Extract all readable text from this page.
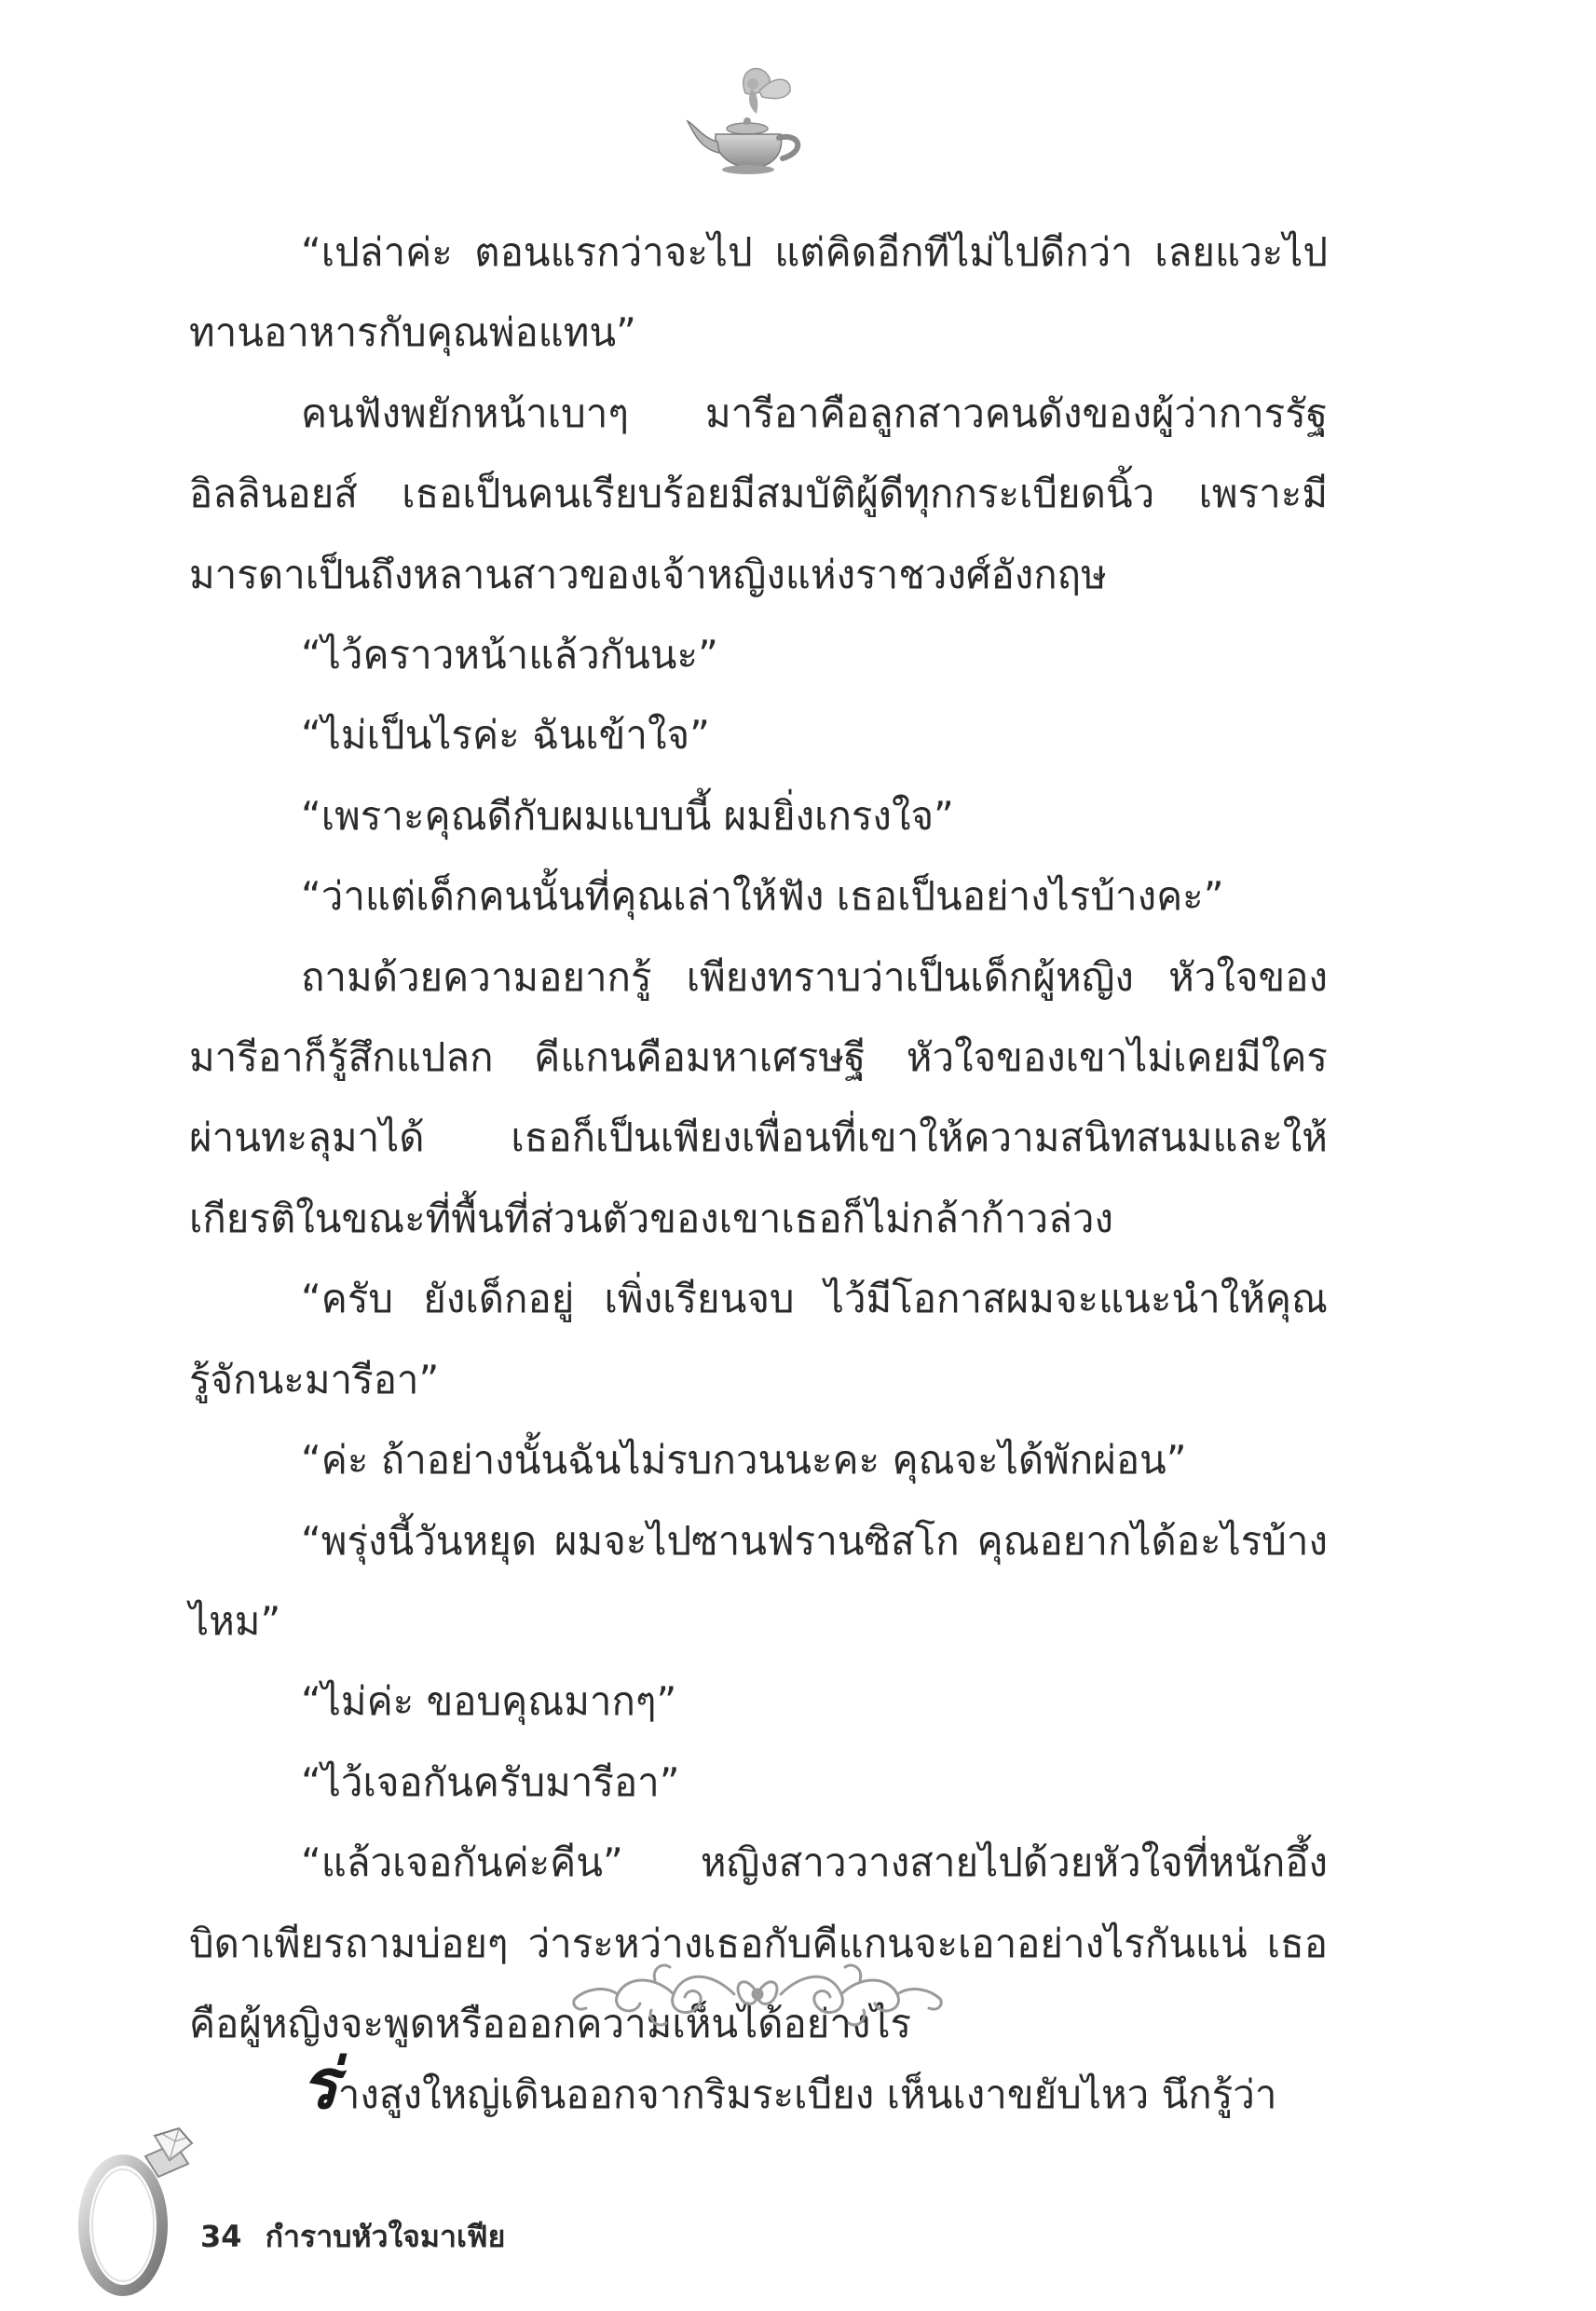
“เปล่าค่ะ ตอนแรกว่าจะไป แต่คิดอีกทีไม่ไปดีกว่า เลยแวะไปทานอาหารกับคุณพ่อแทน”

คนฟังพยักหน้าเบาๆ มารีอาคือลูกสาวคนดังของผู้ว่าการรัฐอิลลินอยส์ เธอเป็นคนเรียบร้อยมีสมบัติผู้ดีทุกกระเบียดนิ้ว เพราะมีมารดาเป็นถึงหลานสาวของเจ้าหญิงแห่งราชวงศ์อังกฤษ

“ไว้คราวหน้าแล้วกันนะ”

“ไม่เป็นไรค่ะ ฉันเข้าใจ”

“เพราะคุณดีกับผมแบบนี้ ผมยิ่งเกรงใจ”

“ว่าแต่เด็กคนนั้นที่คุณเล่าให้ฟัง เธอเป็นอย่างไรบ้างคะ”

ถามด้วยความอยากรู้ เพียงทราบว่าเป็นเด็กผู้หญิง หัวใจของมารีอาก็รู้สึกแปลก คีแกนคือมหาเศรษฐี หัวใจของเขาไม่เคยมีใครผ่านทะลุมาได้ เธอก็เป็นเพียงเพื่อนที่เขาให้ความสนิทสนมและให้เกียรติในขณะที่พื้นที่ส่วนตัวของเขาเธอก็ไม่กล้าก้าวล่วง

“ครับ ยังเด็กอยู่ เพิ่งเรียนจบ ไว้มีโอกาสผมจะแนะนำให้คุณรู้จักนะมารีอา”

“ค่ะ ถ้าอย่างนั้นฉันไม่รบกวนนะคะ คุณจะได้พักผ่อน”

“พรุ่งนี้วันหยุด ผมจะไปซานฟรานซิสโก คุณอยากได้อะไรบ้างไหม”

“ไม่ค่ะ ขอบคุณมากๆ”

“ไว้เจอกันครับมารีอา”

“แล้วเจอกันค่ะคีน” หญิงสาววางสายไปด้วยหัวใจที่หนักอึ้ง บิดาเพียรถามบ่อยๆ ว่าระหว่างเธอกับคีแกนจะเอาอย่างไรกันแน่ เธอคือผู้หญิงจะพูดหรือออกความเห็นได้อย่างไร

ร่างสูงใหญ่เดินออกจากริมระเบียง เห็นเงาขยับไหว นึกรู้ว่า

34 กำราบหัวใจมาเฟีย
